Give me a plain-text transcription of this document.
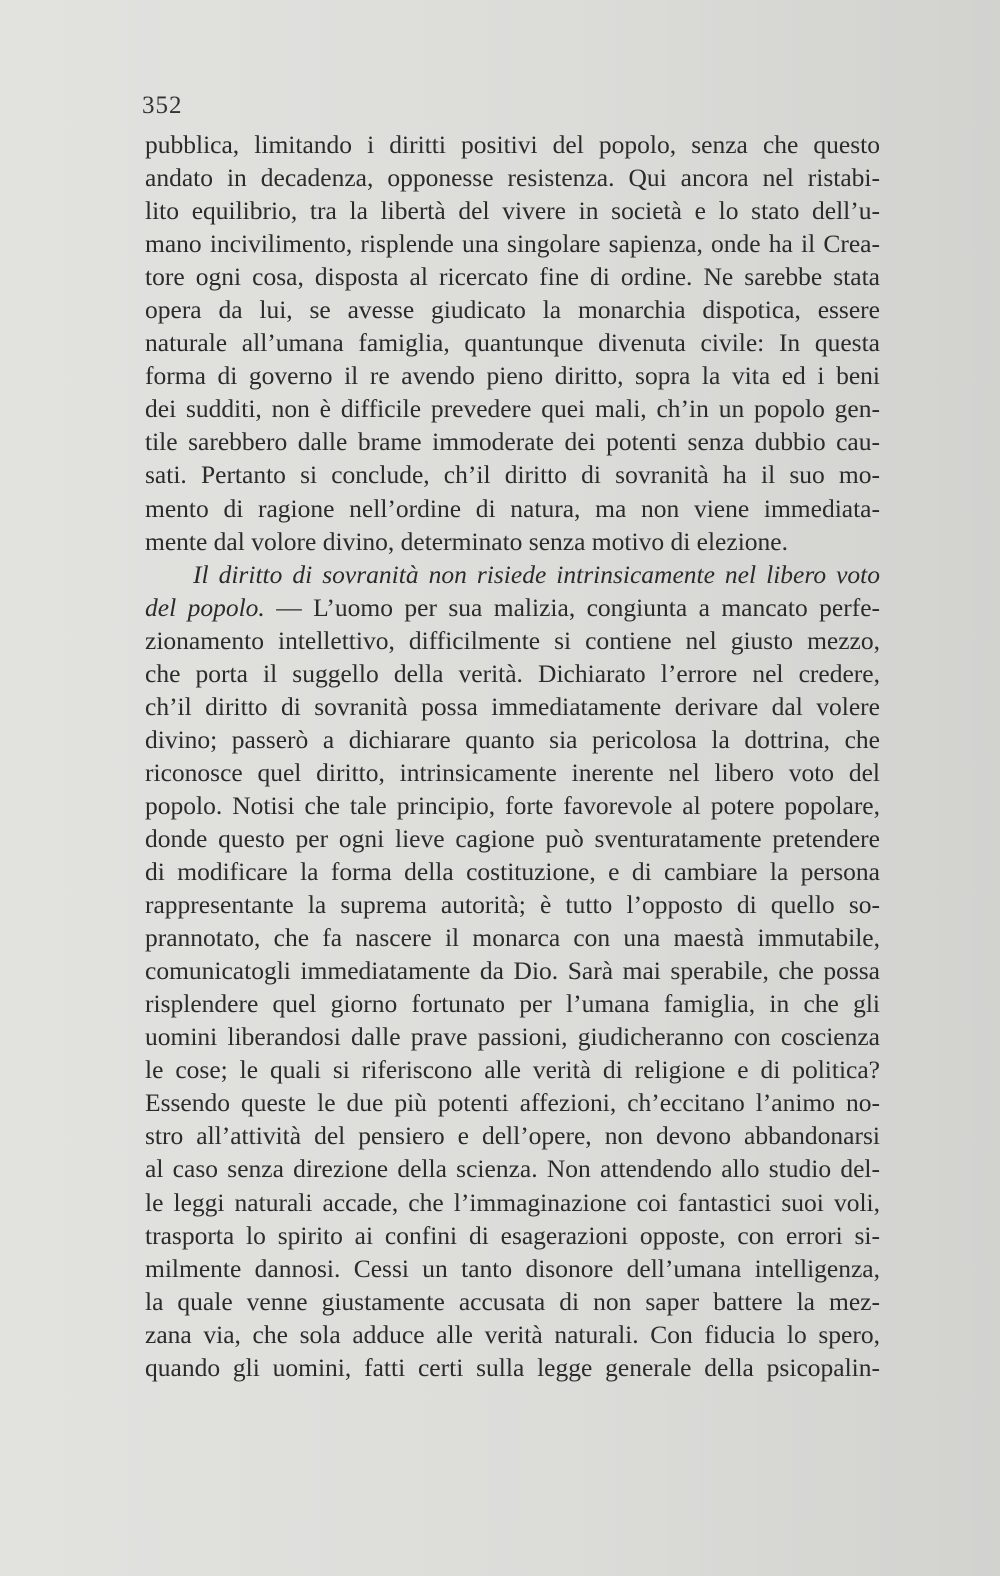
352
pubblica, limitando i diritti positivi del popolo, senza che questo
andato in decadenza, opponesse resistenza. Qui ancora nel ristabi-
lito equilibrio, tra la libertà del vivere in società e lo stato dell’u-
mano incivilimento, risplende una singolare sapienza, onde ha il Crea-
tore ogni cosa, disposta al ricercato fine di ordine. Ne sarebbe stata
opera da lui, se avesse giudicato la monarchia dispotica, essere
naturale all’umana famiglia, quantunque divenuta civile: In questa
forma di governo il re avendo pieno diritto, sopra la vita ed i beni
dei sudditi, non è difficile prevedere quei mali, ch’in un popolo gen-
tile sarebbero dalle brame immoderate dei potenti senza dubbio cau-
sati. Pertanto si conclude, ch’il diritto di sovranità ha il suo mo-
mento di ragione nell’ordine di natura, ma non viene immediata-
mente dal volore divino, determinato senza motivo di elezione.
Il diritto di sovranità non risiede intrinsicamente nel libero voto
del popolo. — L’uomo per sua malizia, congiunta a mancato perfe-
zionamento intellettivo, difficilmente si contiene nel giusto mezzo,
che porta il suggello della verità. Dichiarato l’errore nel credere,
ch’il diritto di sovranità possa immediatamente derivare dal volere
divino; passerò a dichiarare quanto sia pericolosa la dottrina, che
riconosce quel diritto, intrinsicamente inerente nel libero voto del
popolo. Notisi che tale principio, forte favorevole al potere popolare,
donde questo per ogni lieve cagione può sventuratamente pretendere
di modificare la forma della costituzione, e di cambiare la persona
rappresentante la suprema autorità; è tutto l’opposto di quello so-
prannotato, che fa nascere il monarca con una maestà immutabile,
comunicatogli immediatamente da Dio. Sarà mai sperabile, che possa
risplendere quel giorno fortunato per l’umana famiglia, in che gli
uomini liberandosi dalle prave passioni, giudicheranno con coscienza
le cose; le quali si riferiscono alle verità di religione e di politica?
Essendo queste le due più potenti affezioni, ch’eccitano l’animo no-
stro all’attività del pensiero e dell’opere, non devono abbandonarsi
al caso senza direzione della scienza. Non attendendo allo studio del-
le leggi naturali accade, che l’immaginazione coi fantastici suoi voli,
trasporta lo spirito ai confini di esagerazioni opposte, con errori si-
milmente dannosi. Cessi un tanto disonore dell’umana intelligenza,
la quale venne giustamente accusata di non saper battere la mez-
zana via, che sola adduce alle verità naturali. Con fiducia lo spero,
quando gli uomini, fatti certi sulla legge generale della psicopalin-
